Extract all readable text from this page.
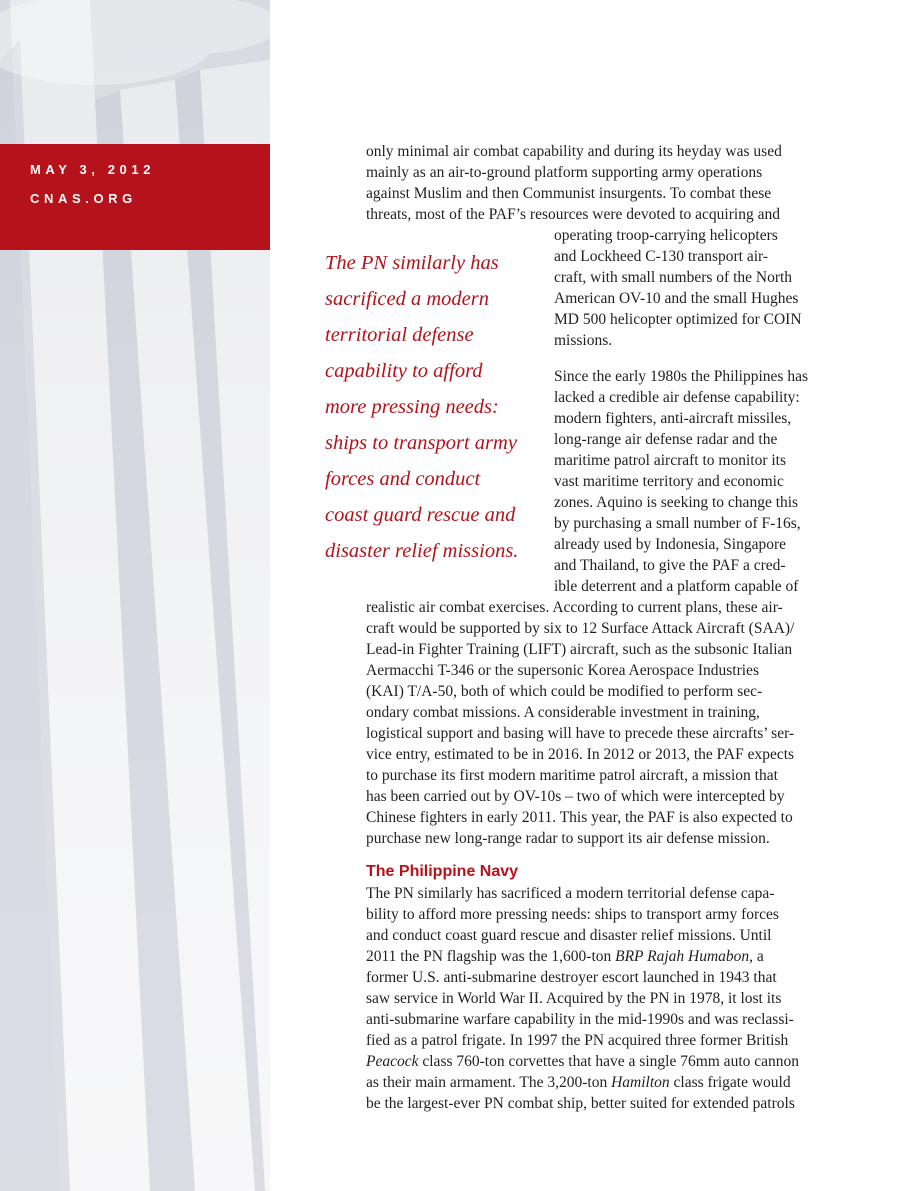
MAY 3, 2012
CNAS.ORG

only minimal air combat capability and during its heyday was used
mainly as an air-to-ground platform supporting army operations
against Muslim and then Communist insurgents. To combat these
threats, most of the PAF’s resources were devoted to acquiring and

operating troop-carrying helicopters
and Lockheed C-130 transport air-
craft, with small numbers of the North
American OV-10 and the small Hughes
MD 500 helicopter optimized for COIN
missions.

The PN similarly has
sacrificed a modern
territorial defense
capability to afford
more pressing needs:
ships to transport army
forces and conduct
coast guard rescue and
disaster relief missions.

Since the early 1980s the Philippines has
lacked a credible air defense capability:
modern fighters, anti-aircraft missiles,
long-range air defense radar and the
maritime patrol aircraft to monitor its
vast maritime territory and economic
zones. Aquino is seeking to change this
by purchasing a small number of F-16s,
already used by Indonesia, Singapore
and Thailand, to give the PAF a cred-
ible deterrent and a platform capable of

realistic air combat exercises. According to current plans, these air-
craft would be supported by six to 12 Surface Attack Aircraft (SAA)/
Lead-in Fighter Training (LIFT) aircraft, such as the subsonic Italian
Aermacchi T-346 or the supersonic Korea Aerospace Industries
(KAI) T/A-50, both of which could be modified to perform sec-
ondary combat missions. A considerable investment in training,
logistical support and basing will have to precede these aircrafts’ ser-
vice entry, estimated to be in 2016. In 2012 or 2013, the PAF expects
to purchase its first modern maritime patrol aircraft, a mission that
has been carried out by OV-10s – two of which were intercepted by
Chinese fighters in early 2011. This year, the PAF is also expected to
purchase new long-range radar to support its air defense mission.

The Philippine Navy

The PN similarly has sacrificed a modern territorial defense capa-
bility to afford more pressing needs: ships to transport army forces
and conduct coast guard rescue and disaster relief missions. Until
2011 the PN flagship was the 1,600-ton BRP Rajah Humabon, a
former U.S. anti-submarine destroyer escort launched in 1943 that
saw service in World War II. Acquired by the PN in 1978, it lost its
anti-submarine warfare capability in the mid-1990s and was reclassi-
fied as a patrol frigate. In 1997 the PN acquired three former British
Peacock class 760-ton corvettes that have a single 76mm auto cannon
as their main armament. The 3,200-ton Hamilton class frigate would
be the largest-ever PN combat ship, better suited for extended patrols
